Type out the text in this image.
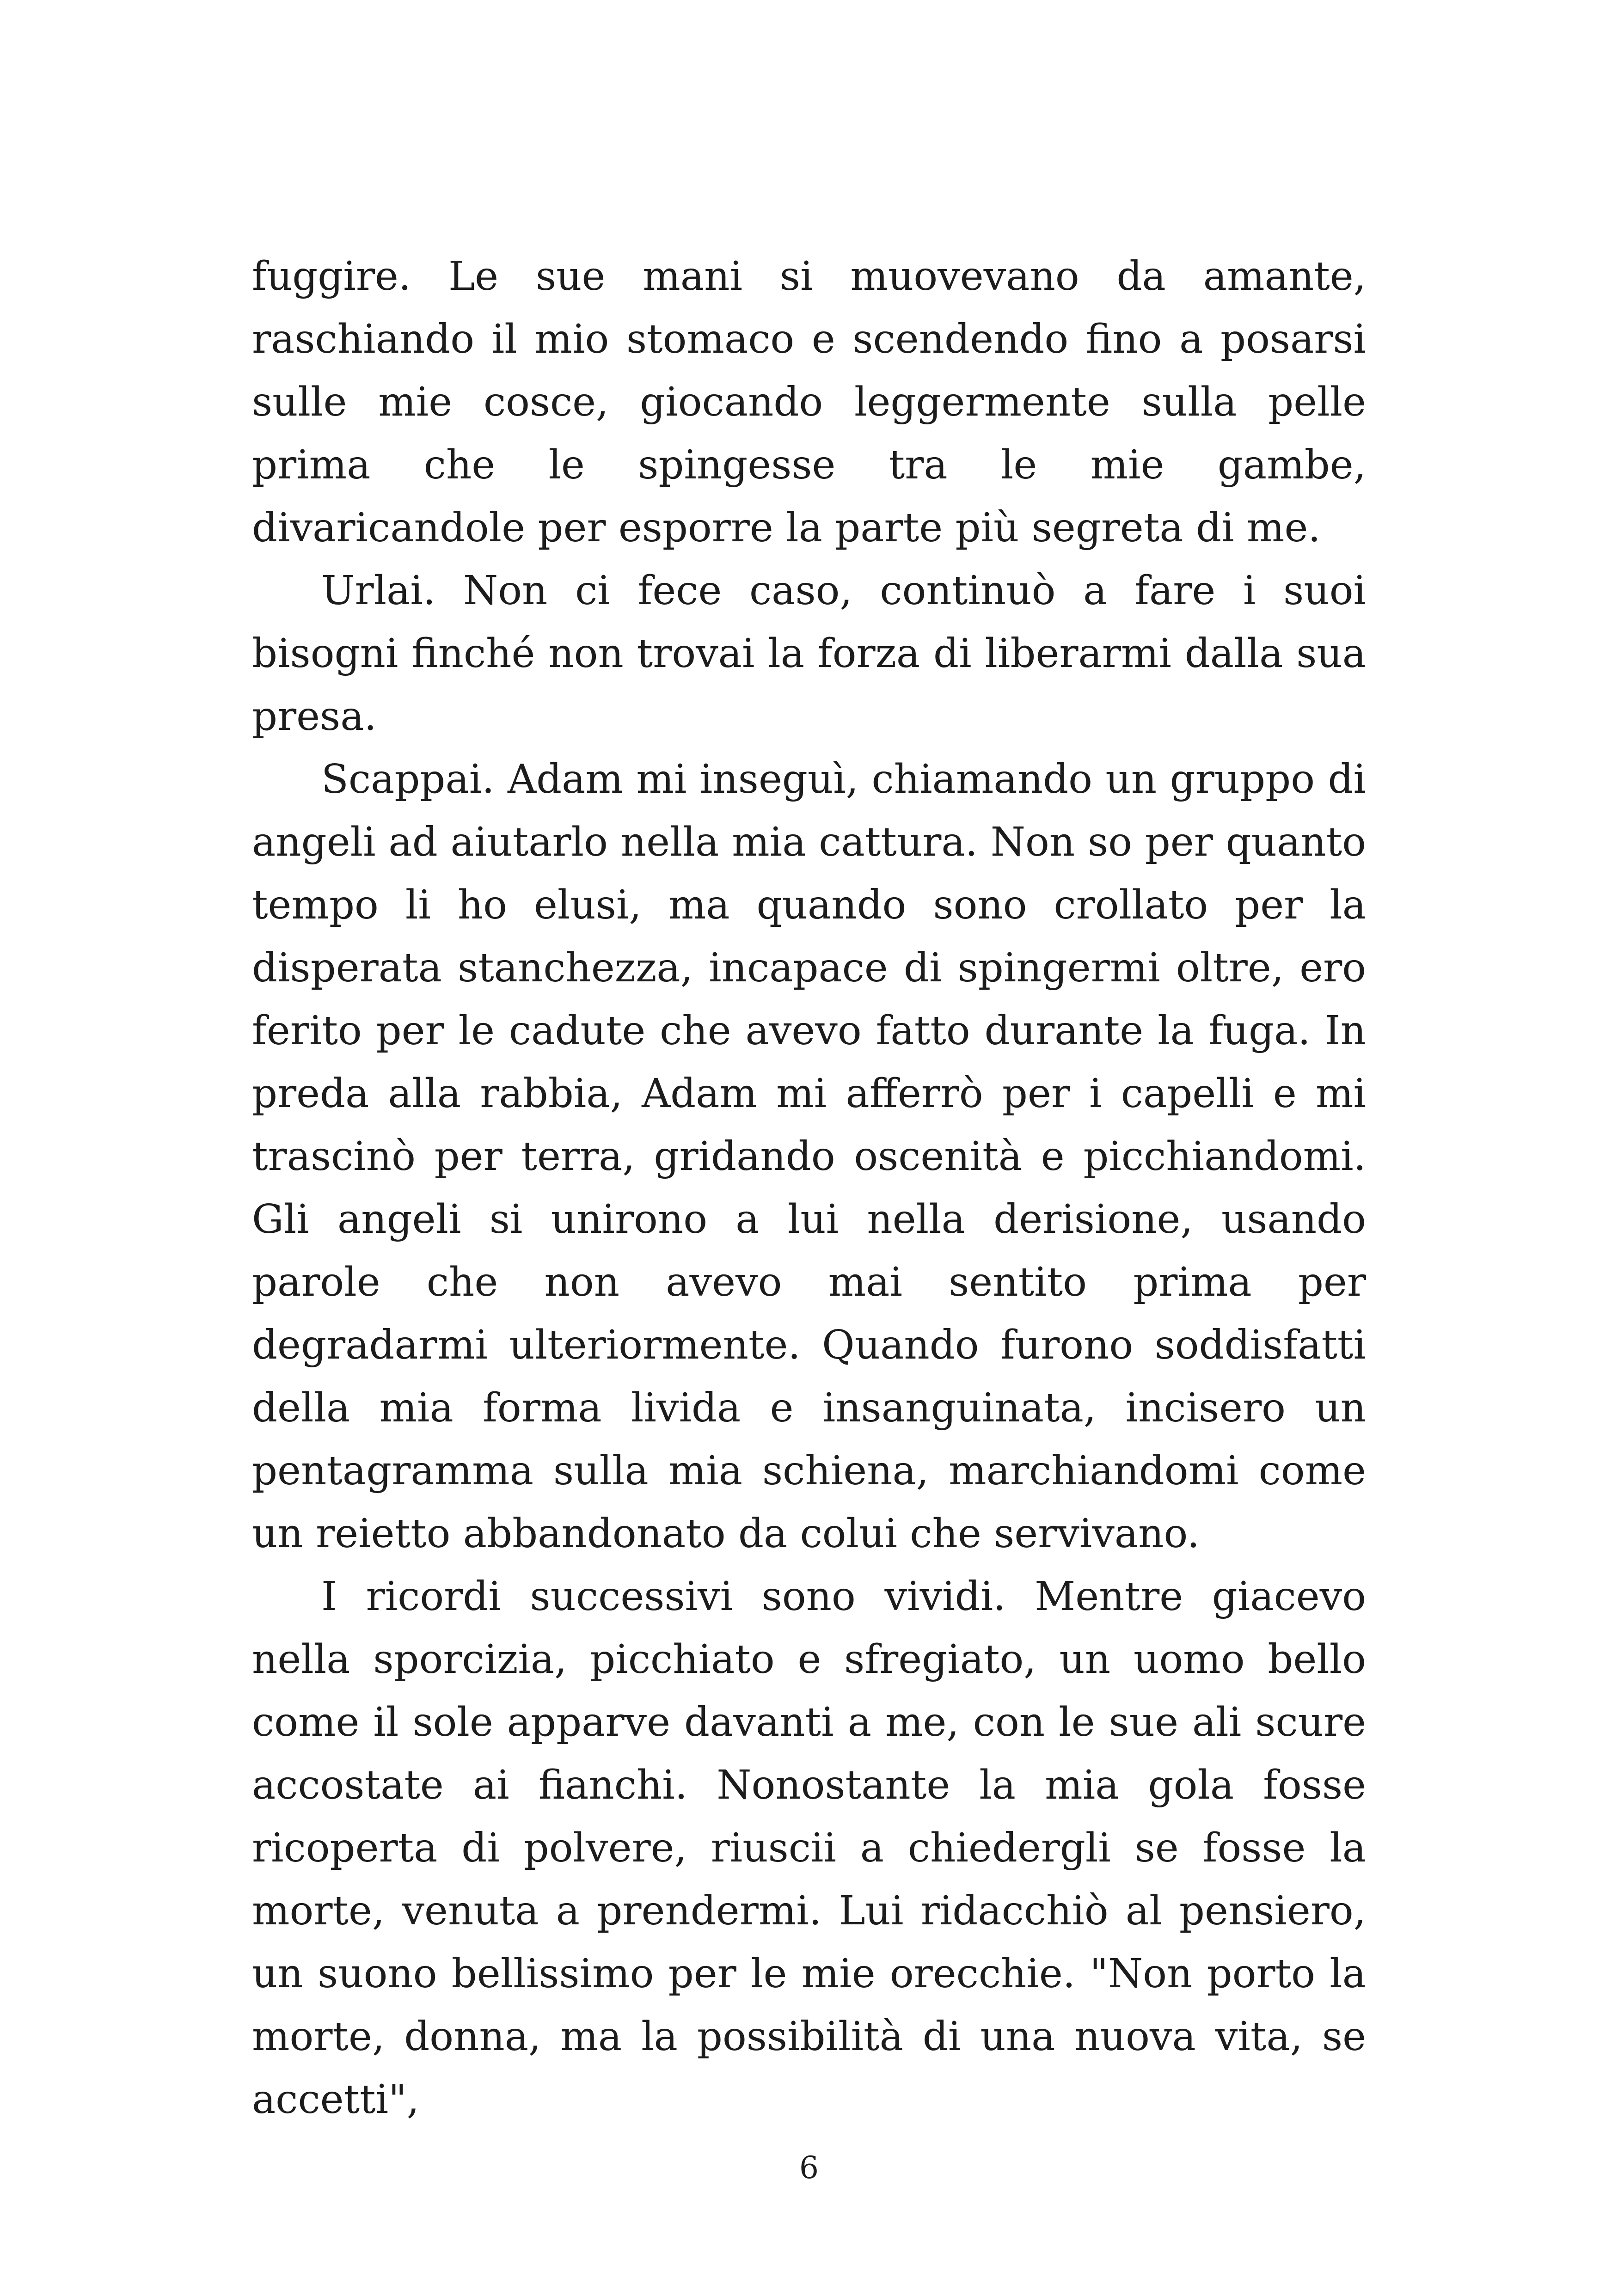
fuggire. Le sue mani si muovevano da amante, raschiando il mio stomaco e scendendo fino a posarsi sulle mie cosce, giocando leggermente sulla pelle prima che le spingesse tra le mie gambe, divaricandole per esporre la parte più segreta di me.

Urlai. Non ci fece caso, continuò a fare i suoi bisogni finché non trovai la forza di liberarmi dalla sua presa.

Scappai. Adam mi inseguì, chiamando un gruppo di angeli ad aiutarlo nella mia cattura. Non so per quanto tempo li ho elusi, ma quando sono crollato per la disperata stanchezza, incapace di spingermi oltre, ero ferito per le cadute che avevo fatto durante la fuga. In preda alla rabbia, Adam mi afferrò per i capelli e mi trascinò per terra, gridando oscenità e picchiandomi. Gli angeli si unirono a lui nella derisione, usando parole che non avevo mai sentito prima per degradarmi ulteriormente. Quando furono soddisfatti della mia forma livida e insanguinata, incisero un pentagramma sulla mia schiena, marchiandomi come un reietto abbandonato da colui che servivano.

I ricordi successivi sono vividi. Mentre giacevo nella sporcizia, picchiato e sfregiato, un uomo bello come il sole apparve davanti a me, con le sue ali scure accostate ai fianchi. Nonostante la mia gola fosse ricoperta di polvere, riuscii a chiedergli se fosse la morte, venuta a prendermi. Lui ridacchiò al pensiero, un suono bellissimo per le mie orecchie. "Non porto la morte, donna, ma la possibilità di una nuova vita, se accetti",

6
